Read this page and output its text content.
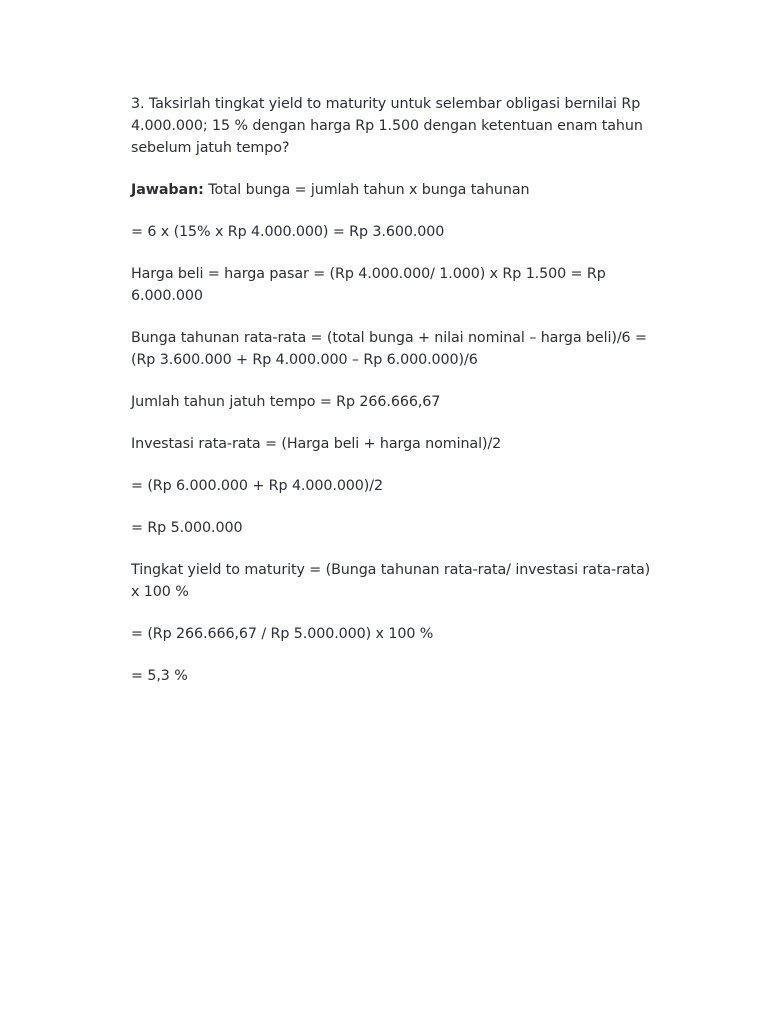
3. Taksirlah tingkat yield to maturity untuk selembar obligasi bernilai Rp 4.000.000; 15 % dengan harga Rp 1.500 dengan ketentuan enam tahun sebelum jatuh tempo?

Jawaban: Total bunga = jumlah tahun x bunga tahunan

= 6 x (15% x Rp 4.000.000) = Rp 3.600.000

Harga beli = harga pasar = (Rp 4.000.000/ 1.000) x Rp 1.500 = Rp 6.000.000

Bunga tahunan rata-rata = (total bunga + nilai nominal – harga beli)/6 = (Rp 3.600.000 + Rp 4.000.000 – Rp 6.000.000)/6

Jumlah tahun jatuh tempo = Rp 266.666,67

Investasi rata-rata = (Harga beli + harga nominal)/2

= (Rp 6.000.000 + Rp 4.000.000)/2

= Rp 5.000.000

Tingkat yield to maturity = (Bunga tahunan rata-rata/ investasi rata-rata) x 100 %

= (Rp 266.666,67 / Rp 5.000.000) x 100 %

= 5,3 %
